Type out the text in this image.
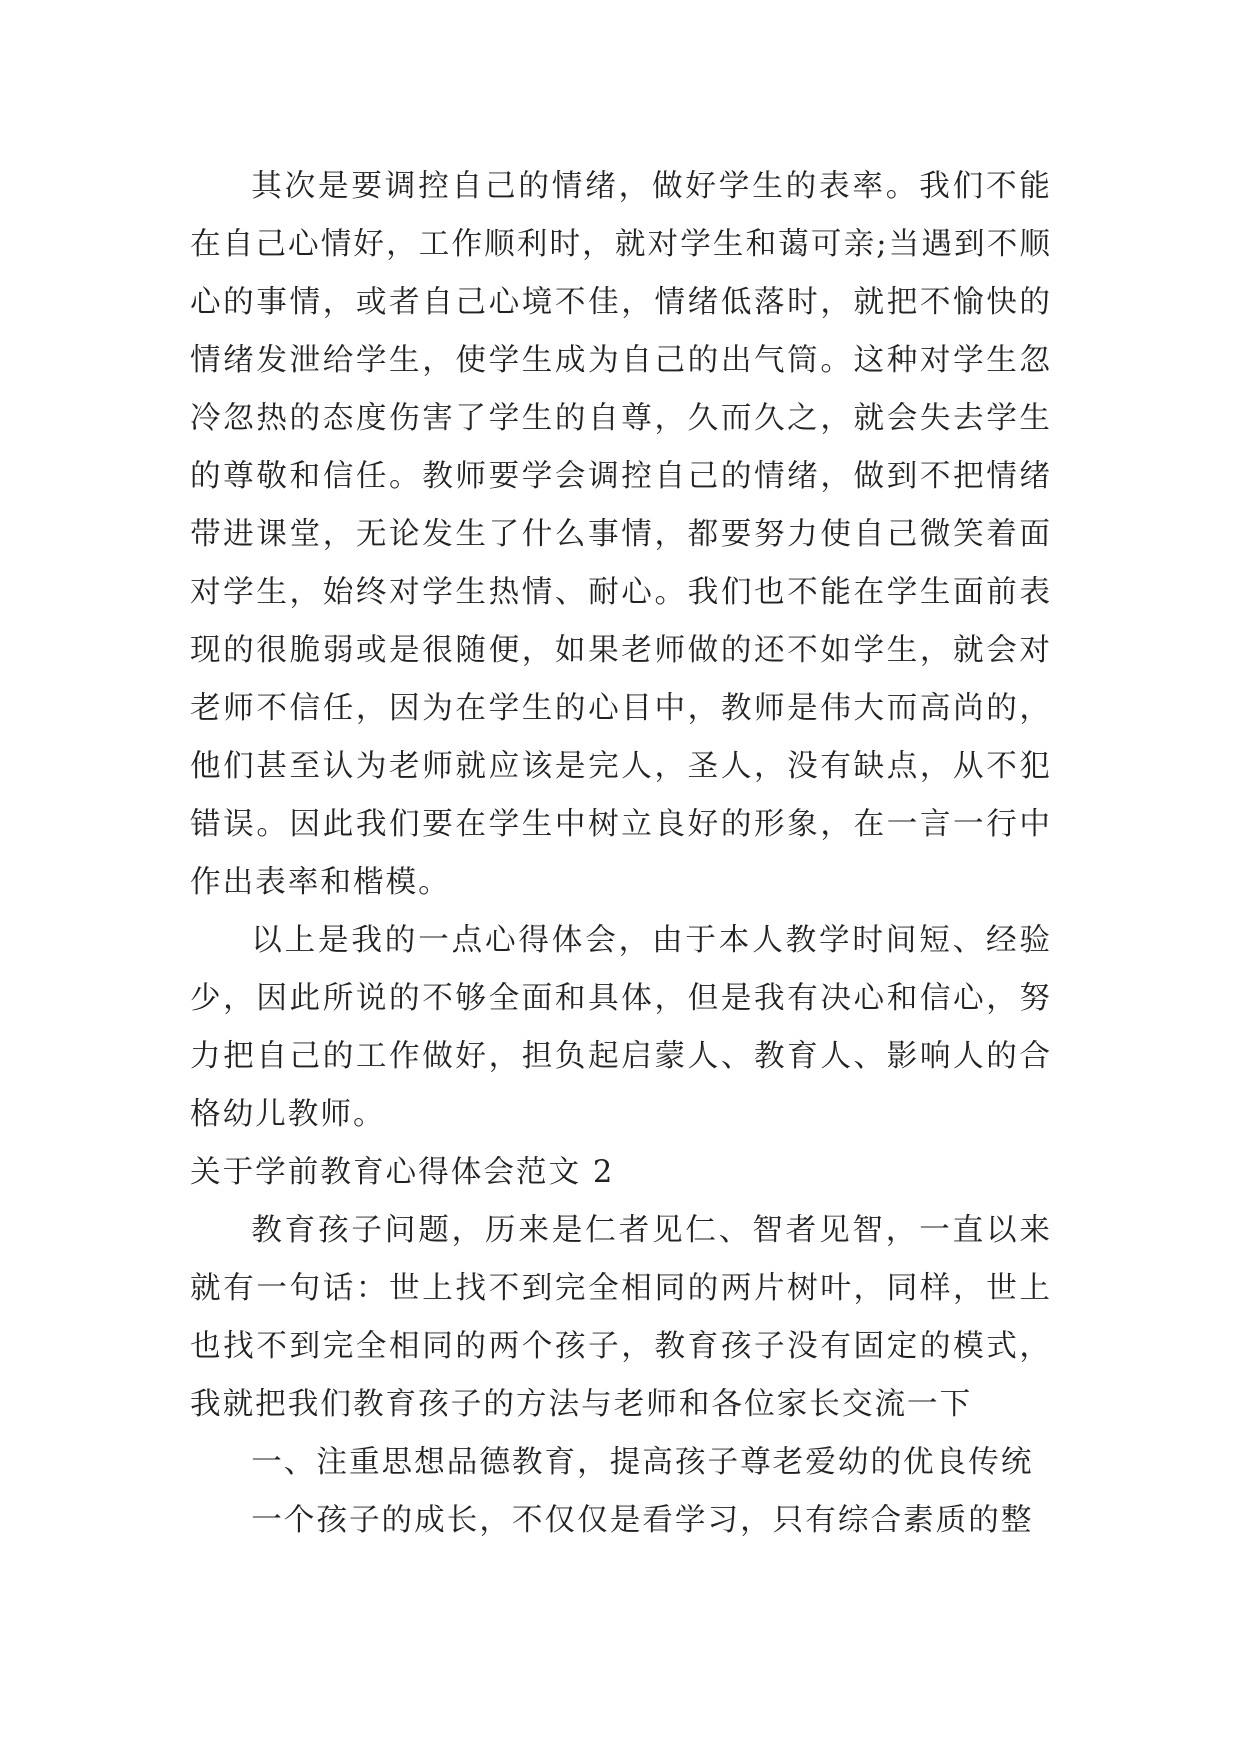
其次是要调控自己的情绪，做好学生的表率。我们不能在自己心情好，工作顺利时，就对学生和蔼可亲;当遇到不顺心的事情，或者自己心境不佳，情绪低落时，就把不愉快的情绪发泄给学生，使学生成为自己的出气筒。这种对学生忽冷忽热的态度伤害了学生的自尊，久而久之，就会失去学生的尊敬和信任。教师要学会调控自己的情绪，做到不把情绪带进课堂，无论发生了什么事情，都要努力使自己微笑着面对学生，始终对学生热情、耐心。我们也不能在学生面前表现的很脆弱或是很随便，如果老师做的还不如学生，就会对老师不信任，因为在学生的心目中，教师是伟大而高尚的，他们甚至认为老师就应该是完人，圣人，没有缺点，从不犯错误。因此我们要在学生中树立良好的形象，在一言一行中作出表率和楷模。

以上是我的一点心得体会，由于本人教学时间短、经验少，因此所说的不够全面和具体，但是我有决心和信心，努力把自己的工作做好，担负起启蒙人、教育人、影响人的合格幼儿教师。

关于学前教育心得体会范文 2

教育孩子问题，历来是仁者见仁、智者见智，一直以来就有一句话：世上找不到完全相同的两片树叶，同样，世上也找不到完全相同的两个孩子，教育孩子没有固定的模式，我就把我们教育孩子的方法与老师和各位家长交流一下

一、注重思想品德教育，提高孩子尊老爱幼的优良传统

一个孩子的成长，不仅仅是看学习，只有综合素质的整
